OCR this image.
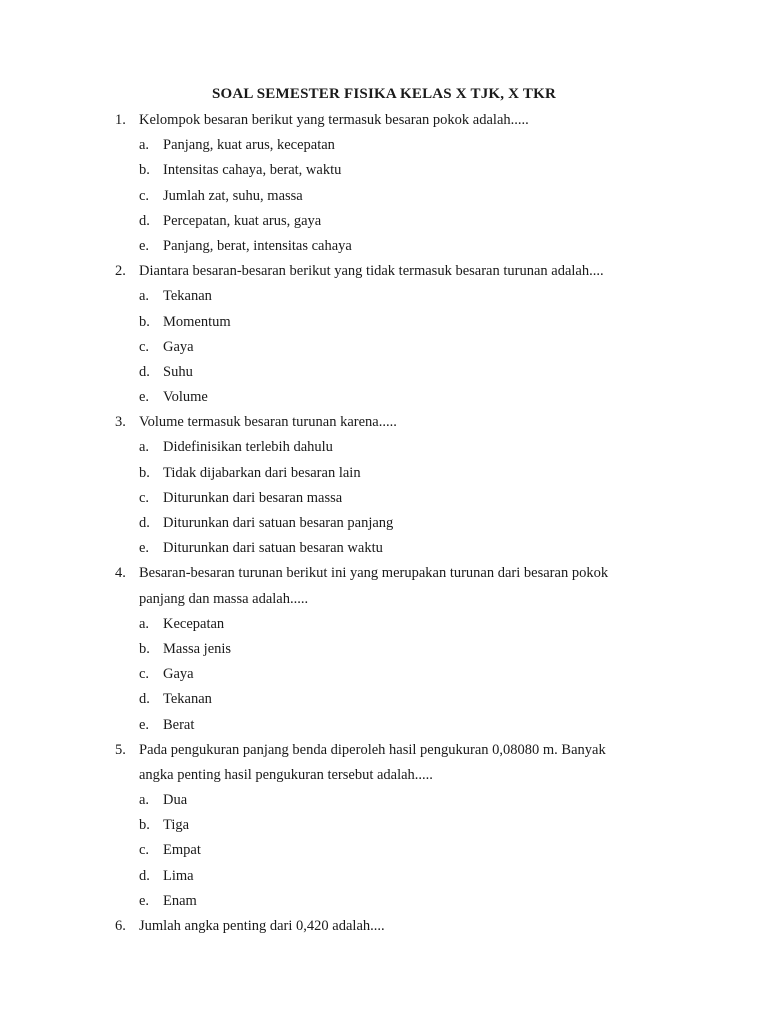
SOAL SEMESTER FISIKA KELAS X TJK, X TKR
1. Kelompok besaran berikut yang termasuk besaran pokok adalah.....
a. Panjang, kuat arus, kecepatan
b. Intensitas cahaya, berat, waktu
c. Jumlah zat, suhu, massa
d. Percepatan, kuat arus, gaya
e. Panjang, berat, intensitas cahaya
2. Diantara besaran-besaran berikut yang tidak termasuk besaran turunan adalah....
a. Tekanan
b. Momentum
c. Gaya
d. Suhu
e. Volume
3. Volume termasuk besaran turunan karena.....
a. Didefinisikan terlebih dahulu
b. Tidak dijabarkan dari besaran lain
c. Diturunkan dari besaran massa
d. Diturunkan dari satuan besaran panjang
e. Diturunkan dari satuan besaran waktu
4. Besaran-besaran turunan berikut ini yang merupakan turunan dari besaran pokok
panjang dan massa adalah.....
a. Kecepatan
b. Massa jenis
c. Gaya
d. Tekanan
e. Berat
5. Pada pengukuran panjang benda diperoleh hasil pengukuran 0,08080 m. Banyak
angka penting hasil pengukuran tersebut adalah.....
a. Dua
b. Tiga
c. Empat
d. Lima
e. Enam
6. Jumlah angka penting dari 0,420 adalah....
